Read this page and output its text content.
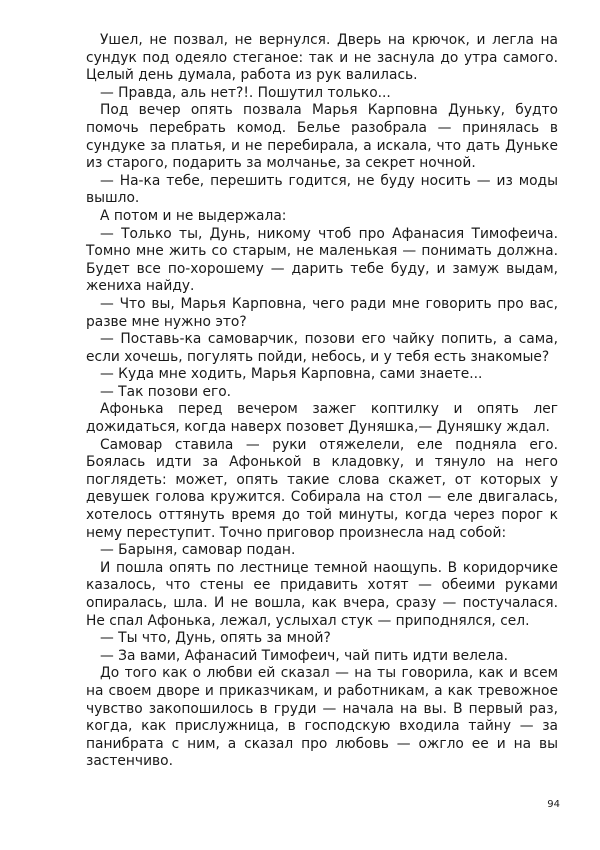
Ушел, не позвал, не вернулся. Дверь на крючок, и легла на сундук под одеяло стеганое: так и не заснула до утра самого. Целый день думала, работа из рук валилась.

— Правда, аль нет?!. Пошутил только...

Под вечер опять позвала Марья Карповна Дуньку, будто помочь перебрать комод. Белье разобрала — принялась в сундуке за платья, и не перебирала, а искала, что дать Дуньке из старого, подарить за молчанье, за секрет ночной.

— На-ка тебе, перешить годится, не буду носить — из моды вышло.

А потом и не выдержала:

— Только ты, Дунь, никому чтоб про Афанасия Тимофеича. Томно мне жить со старым, не маленькая — понимать должна. Будет все по-хорошему — дарить тебе буду, и замуж выдам, жениха найду.

— Что вы, Марья Карповна, чего ради мне говорить про вас, разве мне нужно это?

— Поставь-ка самоварчик, позови его чайку попить, а сама, если хочешь, погулять пойди, небось, и у тебя есть знакомые?

— Куда мне ходить, Марья Карповна, сами знаете...

— Так позови его.

Афонька перед вечером зажег коптилку и опять лег дожидаться, когда наверх позовет Дуняшка,— Дуняшку ждал.

Самовар ставила — руки отяжелели, еле подняла его. Боялась идти за Афонькой в кладовку, и тянуло на него поглядеть: может, опять такие слова скажет, от которых у девушек голова кружится. Собирала на стол — еле двигалась, хотелось оттянуть время до той минуты, когда через порог к нему переступит. Точно приговор произнесла над собой:

— Барыня, самовар подан.

И пошла опять по лестнице темной наощупь. В коридорчике казалось, что стены ее придавить хотят — обеими руками опиралась, шла. И не вошла, как вчера, сразу — постучалася. Не спал Афонька, лежал, услыхал стук — приподнялся, сел.

— Ты что, Дунь, опять за мной?

— За вами, Афанасий Тимофеич, чай пить идти велела.

До того как о любви ей сказал — на ты говорила, как и всем на своем дворе и приказчикам, и работникам, а как тревожное чувство закопошилось в груди — начала на вы. В первый раз, когда, как прислужница, в господскую входила тайну — за панибрата с ним, а сказал про любовь — ожгло ее и на вы застенчиво.

94
